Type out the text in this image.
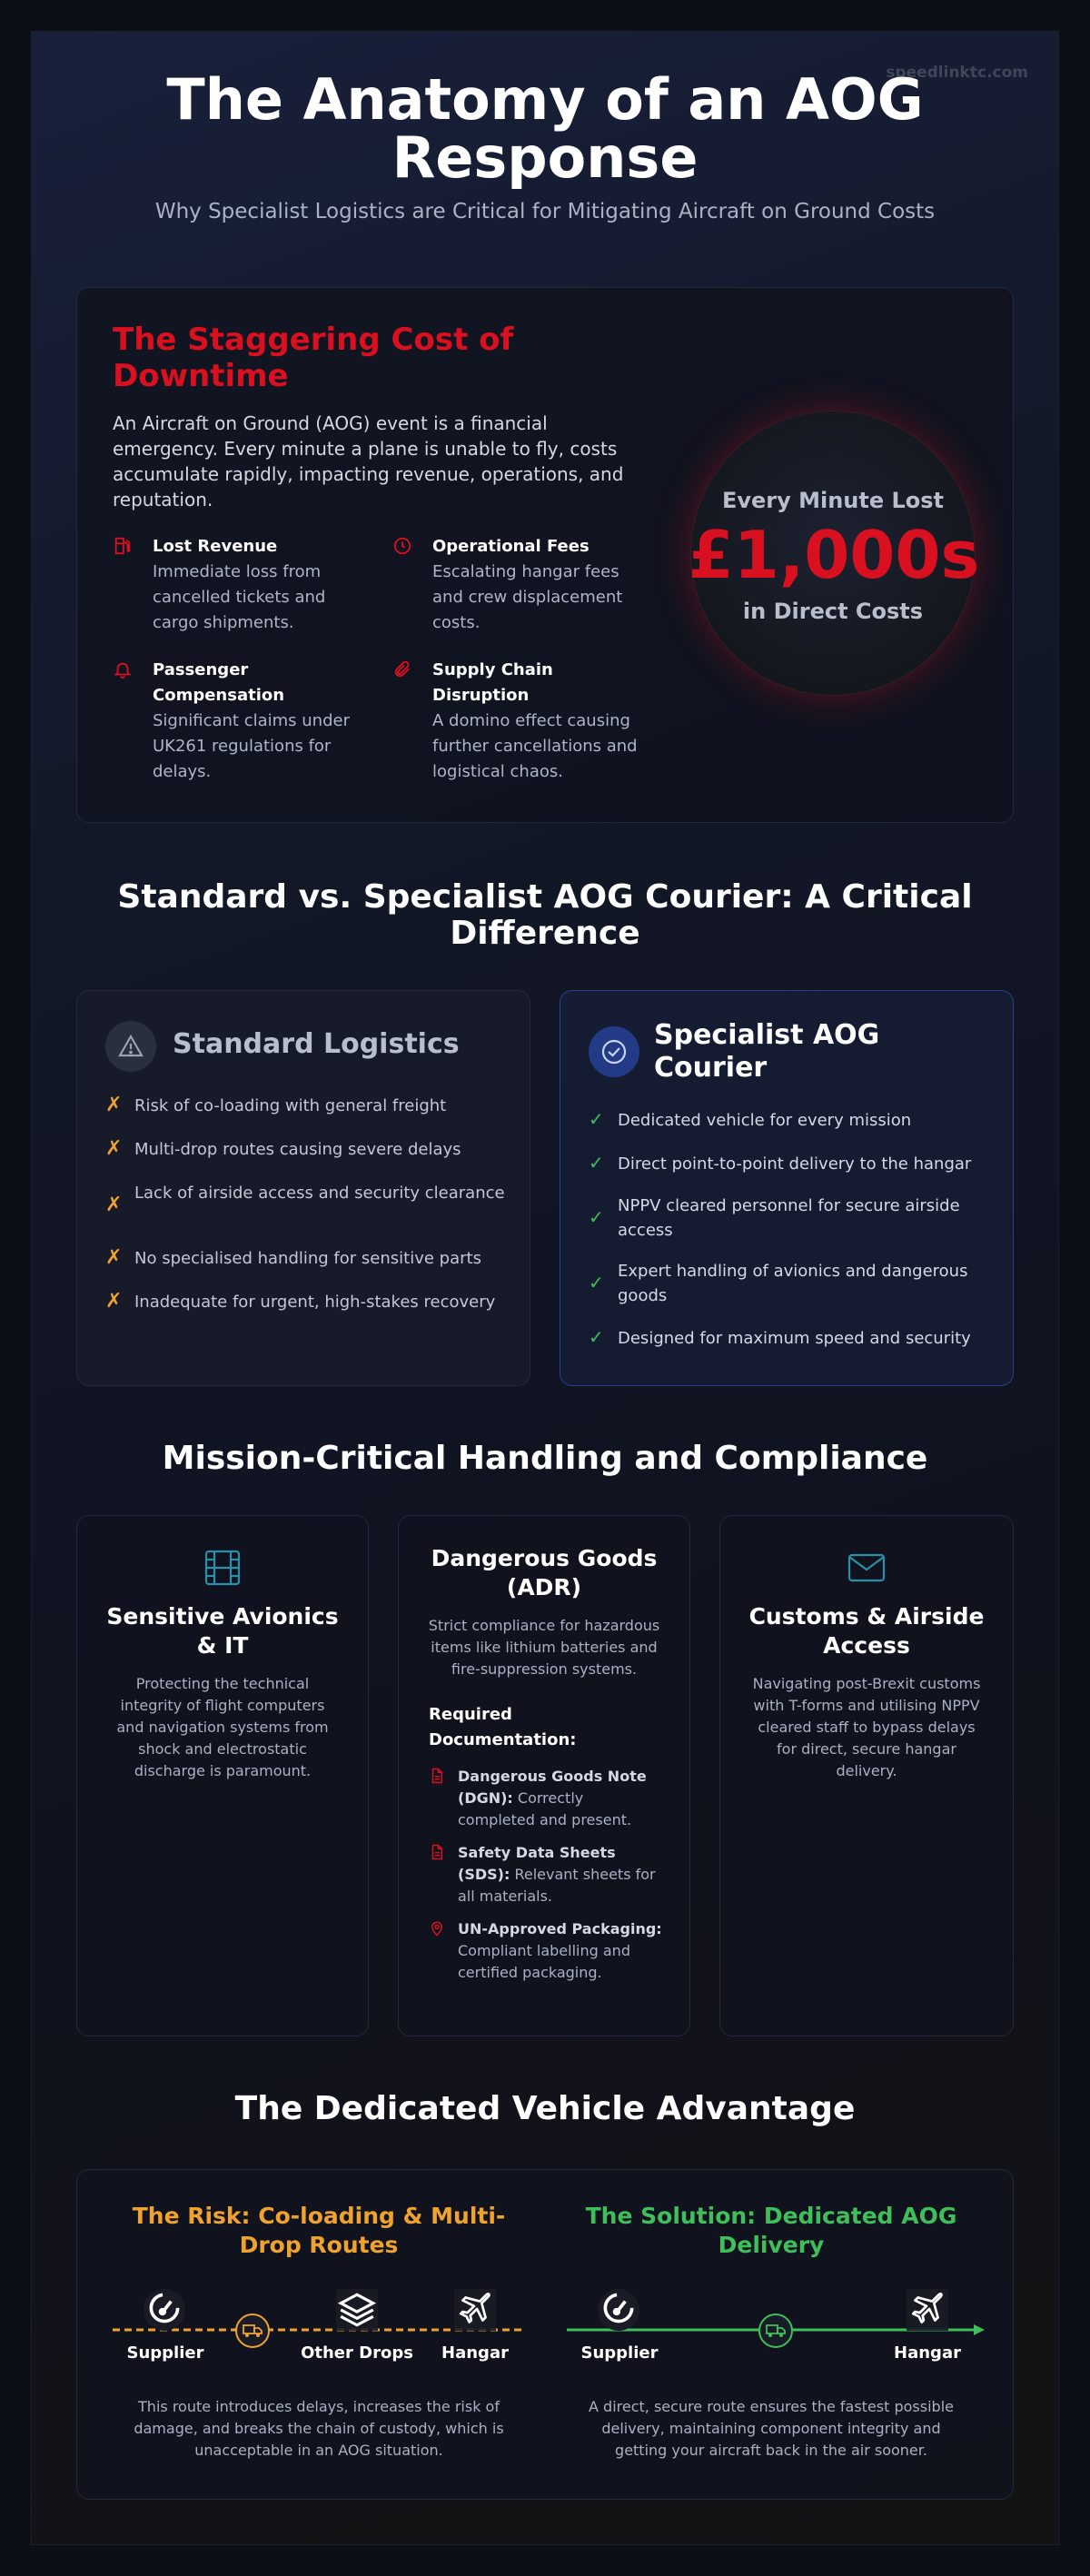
speedlinktc.com
The Anatomy of an AOG
Response
Why Specialist Logistics are Critical for Mitigating Aircraft on Ground Costs
The Staggering Cost of
Downtime
An Aircraft on Ground (AOG) event is a financial emergency. Every minute a plane is unable to fly, costs accumulate rapidly, impacting revenue, operations, and reputation.
Lost Revenue
Immediate loss from cancelled tickets and cargo shipments.
Operational Fees
Escalating hangar fees and crew displacement costs.
Passenger Compensation
Significant claims under UK261 regulations for delays.
Supply Chain Disruption
A domino effect causing further cancellations and logistical chaos.
Every Minute Lost
£1,000s
in Direct Costs
Standard vs. Specialist AOG Courier: A Critical
Difference
Standard Logistics
✗ Risk of co-loading with general freight
✗ Multi-drop routes causing severe delays
✗
Lack of airside access and security clearance
✗ No specialised handling for sensitive parts
✗ Inadequate for urgent, high-stakes recovery
Specialist AOG
Courier
✓ Dedicated vehicle for every mission
✓ Direct point-to-point delivery to the hangar
✓
NPPV cleared personnel for secure airside access
✓
Expert handling of avionics and dangerous goods
✓ Designed for maximum speed and security
Mission-Critical Handling and Compliance
Sensitive Avionics
& IT
Protecting the technical integrity of flight computers and navigation systems from shock and electrostatic discharge is paramount.
Dangerous Goods
(ADR)
Strict compliance for hazardous items like lithium batteries and fire-suppression systems.
Required
Documentation:
Dangerous Goods Note (DGN): Correctly completed and present.
Safety Data Sheets (SDS): Relevant sheets for all materials.
UN-Approved Packaging: Compliant labelling and certified packaging.
Customs & Airside
Access
Navigating post-Brexit customs with T-forms and utilising NPPV cleared staff to bypass delays for direct, secure hangar delivery.
The Dedicated Vehicle Advantage
The Risk: Co-loading & Multi-
Drop Routes
Supplier	Other Drops	Hangar
This route introduces delays, increases the risk of damage, and breaks the chain of custody, which is unacceptable in an AOG situation.
The Solution: Dedicated AOG
Delivery
Supplier	Hangar
A direct, secure route ensures the fastest possible delivery, maintaining component integrity and getting your aircraft back in the air sooner.
